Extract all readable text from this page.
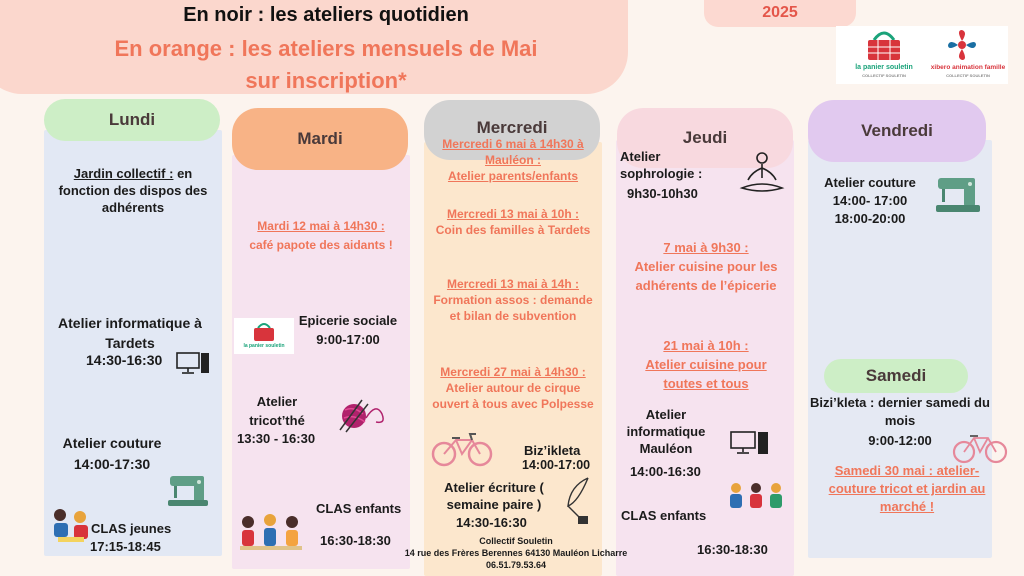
En noir : les ateliers quotidien
En orange : les ateliers mensuels de Mai
sur inscription*
2025
la panier souletin
COLLECTIF SOULETIN
xibero animation famille
COLLECTIF SOULETIN
Lundi
Mardi
Mercredi
Jeudi	Vendredi
Jardin collectif : en fonction des dispos des adhérents
Atelier informatique à Tardets
14:30-16:30
Atelier couture 14:00-17:30
CLAS jeunes
17:15-18:45
Mardi 12 mai à 14h30 :
café papote des aidants !
la panier souletin
Epicerie sociale
9:00-17:00
Atelier tricot’thé
13:30 - 16:30
CLAS enfants
16:30-18:30
Mercredi 6 mai à 14h30 à Mauléon :
Atelier parents/enfants
Mercredi 13 mai à 10h :
Coin des familles à Tardets
Mercredi 13 mai à 14h :
Formation assos : demande et bilan de subvention
Mercredi 27 mai à 14h30 :
Atelier autour de cirque ouvert à tous avec Polpesse
Biz’ikleta
14:00-17:00
Atelier écriture ( semaine paire )
14:30-16:30
Atelier sophrologie :
9h30-10h30
7 mai à 9h30 :
Atelier cuisine pour les adhérents de l’épicerie
21 mai à 10h :
Atelier cuisine pour toutes et tous
Atelier informatique Mauléon
14:00-16:30
CLAS enfants
16:30-18:30
Atelier couture
14:00- 17:00
18:00-20:00
Samedi
Bizi’kleta : dernier samedi du mois
9:00-12:00
Samedi 30 mai : atelier-couture tricot et jardin au marché !
Collectif Souletin
14 rue des Frères Berennes 64130 Mauléon Licharre
06.51.79.53.64
